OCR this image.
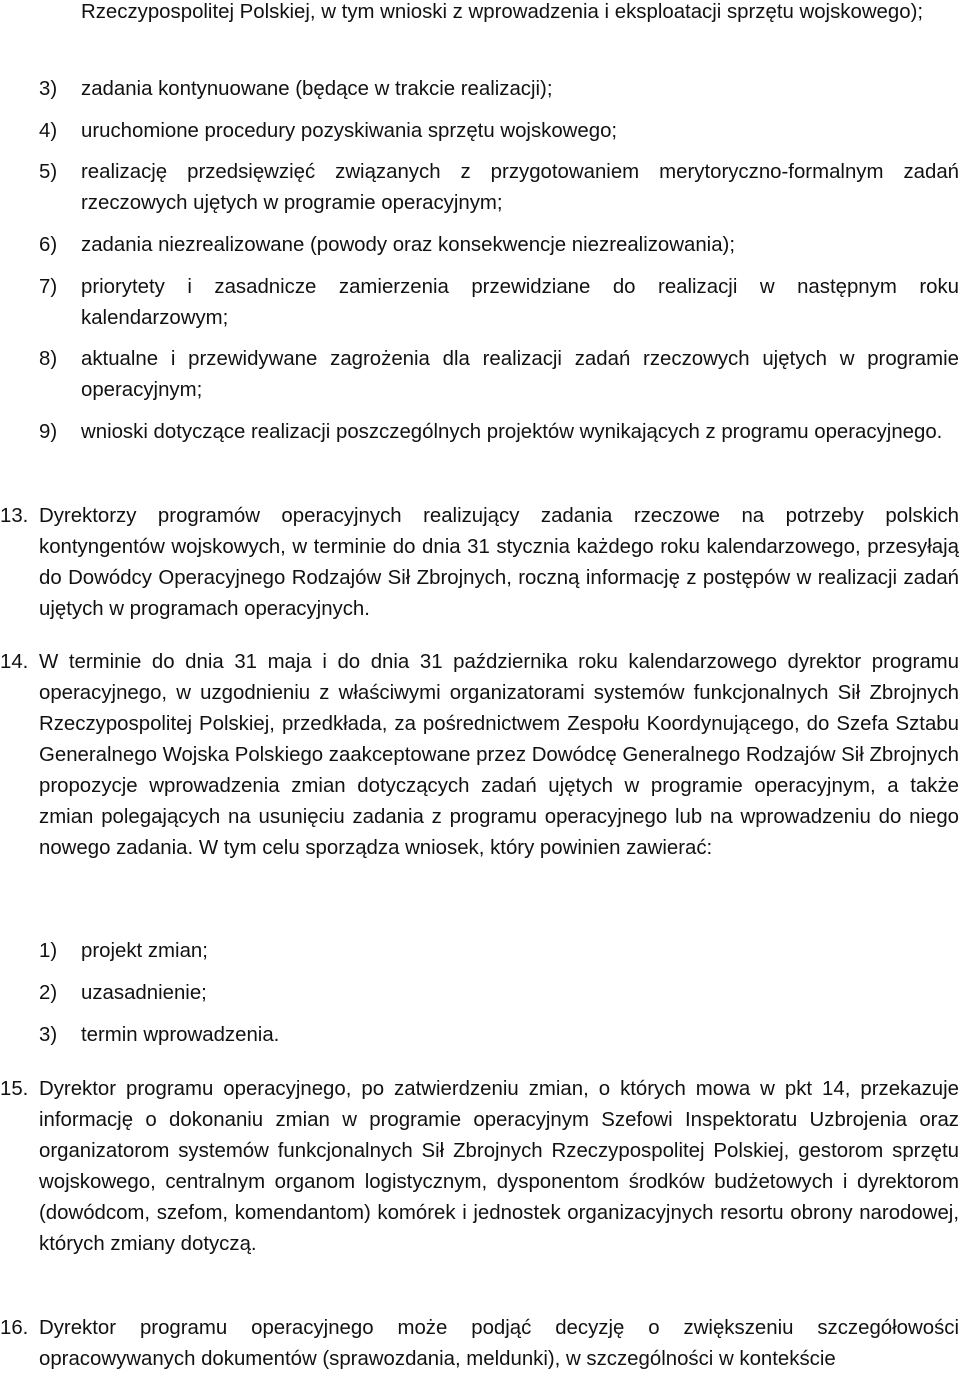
Rzeczypospolitej Polskiej, w tym wnioski z wprowadzenia i eksploatacji sprzętu wojskowego);
3)	zadania kontynuowane (będące w trakcie realizacji);
4)	uruchomione procedury pozyskiwania sprzętu wojskowego;
5)	realizację przedsięwzięć związanych z przygotowaniem merytoryczno-formalnym zadań rzeczowych ujętych w programie operacyjnym;
6)	zadania niezrealizowane (powody oraz konsekwencje niezrealizowania);
7)	priorytety i zasadnicze zamierzenia przewidziane do realizacji w następnym roku kalendarzowym;
8)	aktualne i przewidywane zagrożenia dla realizacji zadań rzeczowych ujętych w programie operacyjnym;
9)	wnioski dotyczące realizacji poszczególnych projektów wynikających z programu operacyjnego.
13. Dyrektorzy programów operacyjnych realizujący zadania rzeczowe na potrzeby polskich kontyngentów wojskowych, w terminie do dnia 31 stycznia każdego roku kalendarzowego, przesyłają do Dowódcy Operacyjnego Rodzajów Sił Zbrojnych, roczną informację z postępów w realizacji zadań ujętych w programach operacyjnych.
14. W terminie do dnia 31 maja i do dnia 31 października roku kalendarzowego dyrektor programu operacyjnego, w uzgodnieniu z właściwymi organizatorami systemów funkcjonalnych Sił Zbrojnych Rzeczypospolitej Polskiej, przedkłada, za pośrednictwem Zespołu Koordynującego, do Szefa Sztabu Generalnego Wojska Polskiego zaakceptowane przez Dowódcę Generalnego Rodzajów Sił Zbrojnych propozycje wprowadzenia zmian dotyczących zadań ujętych w programie operacyjnym, a także zmian polegających na usunięciu zadania z programu operacyjnego lub na wprowadzeniu do niego nowego zadania. W tym celu sporządza wniosek, który powinien zawierać:
1)	projekt zmian;
2)	uzasadnienie;
3)	termin wprowadzenia.
15. Dyrektor programu operacyjnego, po zatwierdzeniu zmian, o których mowa w pkt 14, przekazuje informację o dokonaniu zmian w programie operacyjnym Szefowi Inspektoratu Uzbrojenia oraz organizatorom systemów funkcjonalnych Sił Zbrojnych Rzeczypospolitej Polskiej, gestorom sprzętu wojskowego, centralnym organom logistycznym, dysponentom środków budżetowych i dyrektorom (dowódcom, szefom, komendantom) komórek i jednostek organizacyjnych resortu obrony narodowej, których zmiany dotyczą.
16. Dyrektor programu operacyjnego może podjąć decyzję o zwiększeniu szczegółowości opracowywanych dokumentów (sprawozdania, meldunki), w szczególności w kontekście
